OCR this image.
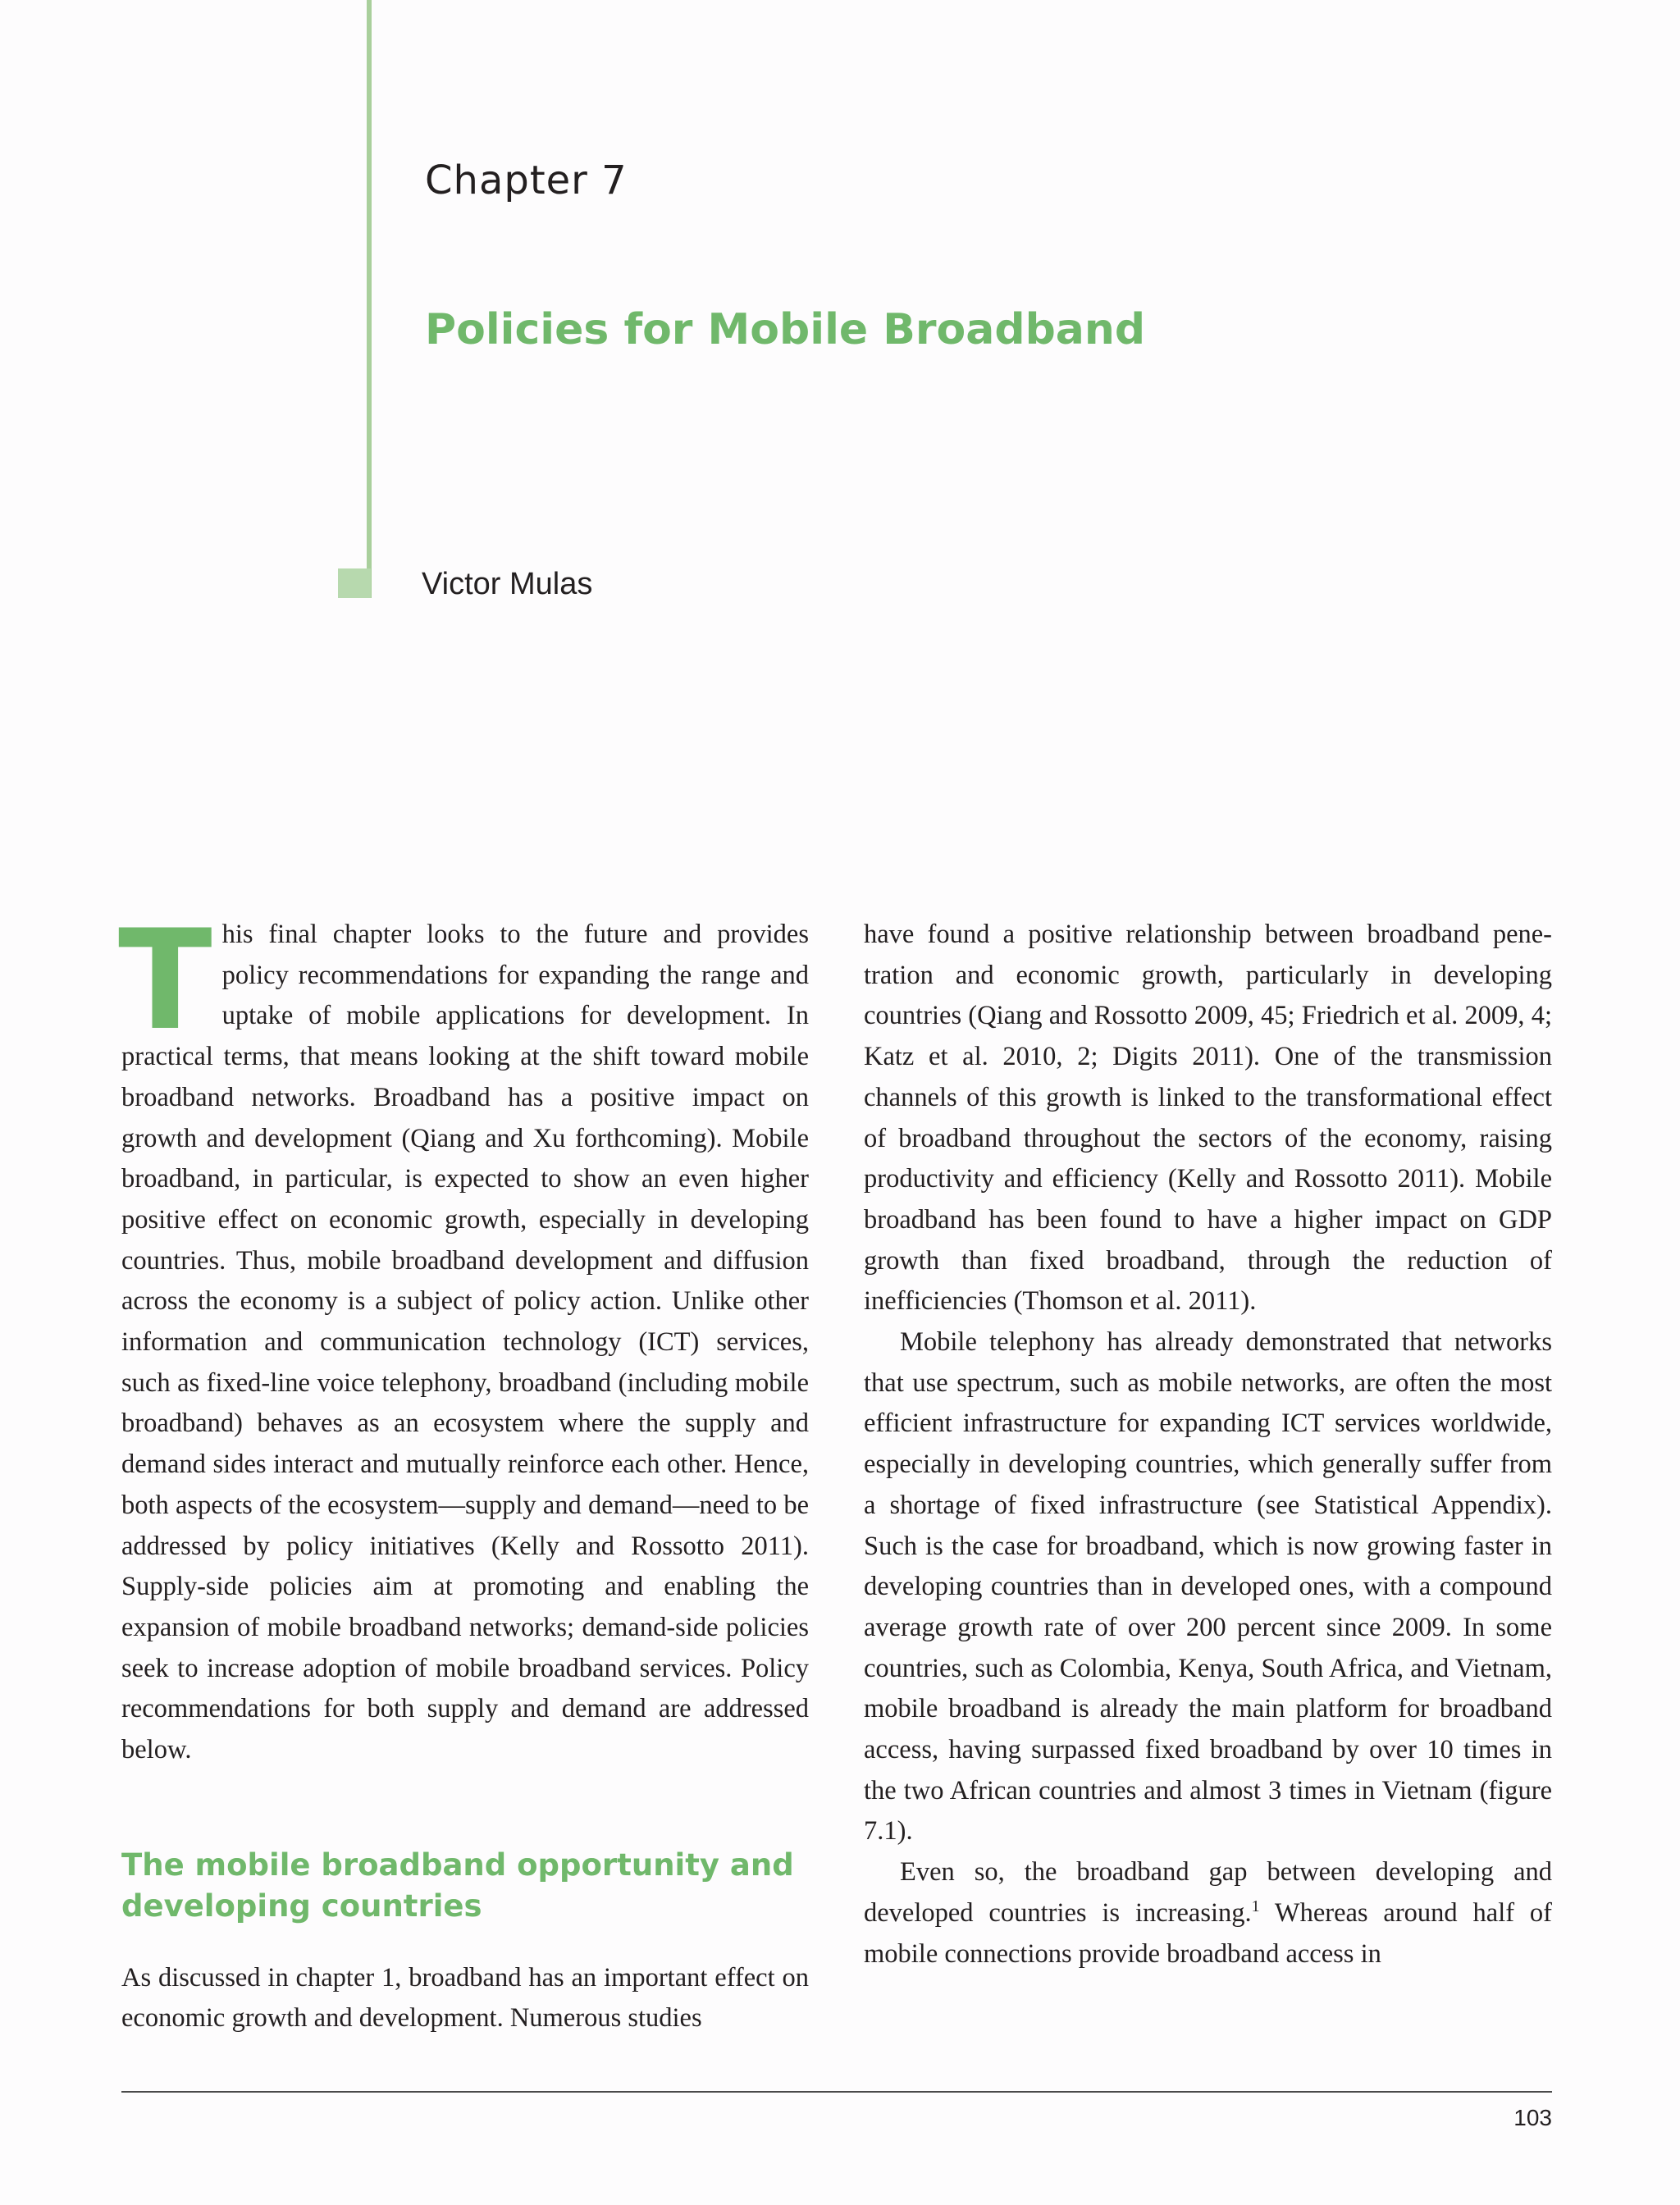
Chapter 7
Policies for Mobile Broadband
Victor Mulas

T his final chapter looks to the future and provides policy recommendations for expanding the range and uptake of mobile applications for development. In practical terms, that means looking at the shift toward mobile broadband networks. Broadband has a positive impact on growth and development (Qiang and Xu forthcoming). Mobile broadband, in particular, is expected to show an even higher positive effect on economic growth, especially in developing countries. Thus, mobile broadband development and diffusion across the economy is a subject of policy action. Unlike other information and communication technology (ICT) services, such as fixed-line voice telephony, broadband (including mobile broadband) behaves as an ecosystem where the supply and demand sides interact and mutually reinforce each other. Hence, both aspects of the ecosystem—supply and demand—need to be addressed by policy initiatives (Kelly and Rossotto 2011). Supply-side policies aim at promoting and enabling the expansion of mobile broadband networks; demand-side policies seek to increase adoption of mobile broadband services. Policy recommendations for both supply and demand are addressed below.

The mobile broadband opportunity and developing countries

As discussed in chapter 1, broadband has an important effect on economic growth and development. Numerous studies

have found a positive relationship between broadband penetration and economic growth, particularly in developing countries (Qiang and Rossotto 2009, 45; Friedrich et al. 2009, 4; Katz et al. 2010, 2; Digits 2011). One of the transmission channels of this growth is linked to the transformational effect of broadband throughout the sectors of the economy, raising productivity and efficiency (Kelly and Rossotto 2011). Mobile broadband has been found to have a higher impact on GDP growth than fixed broadband, through the reduction of inefficiencies (Thomson et al. 2011).

Mobile telephony has already demonstrated that networks that use spectrum, such as mobile networks, are often the most efficient infrastructure for expanding ICT services worldwide, especially in developing countries, which generally suffer from a shortage of fixed infrastructure (see Statistical Appendix). Such is the case for broadband, which is now growing faster in developing countries than in developed ones, with a compound average growth rate of over 200 percent since 2009. In some countries, such as Colombia, Kenya, South Africa, and Vietnam, mobile broadband is already the main platform for broadband access, having surpassed fixed broadband by over 10 times in the two African countries and almost 3 times in Vietnam (figure 7.1).

Even so, the broadband gap between developing and developed countries is increasing.$^1$ Whereas around half of mobile connections provide broadband access in

103
